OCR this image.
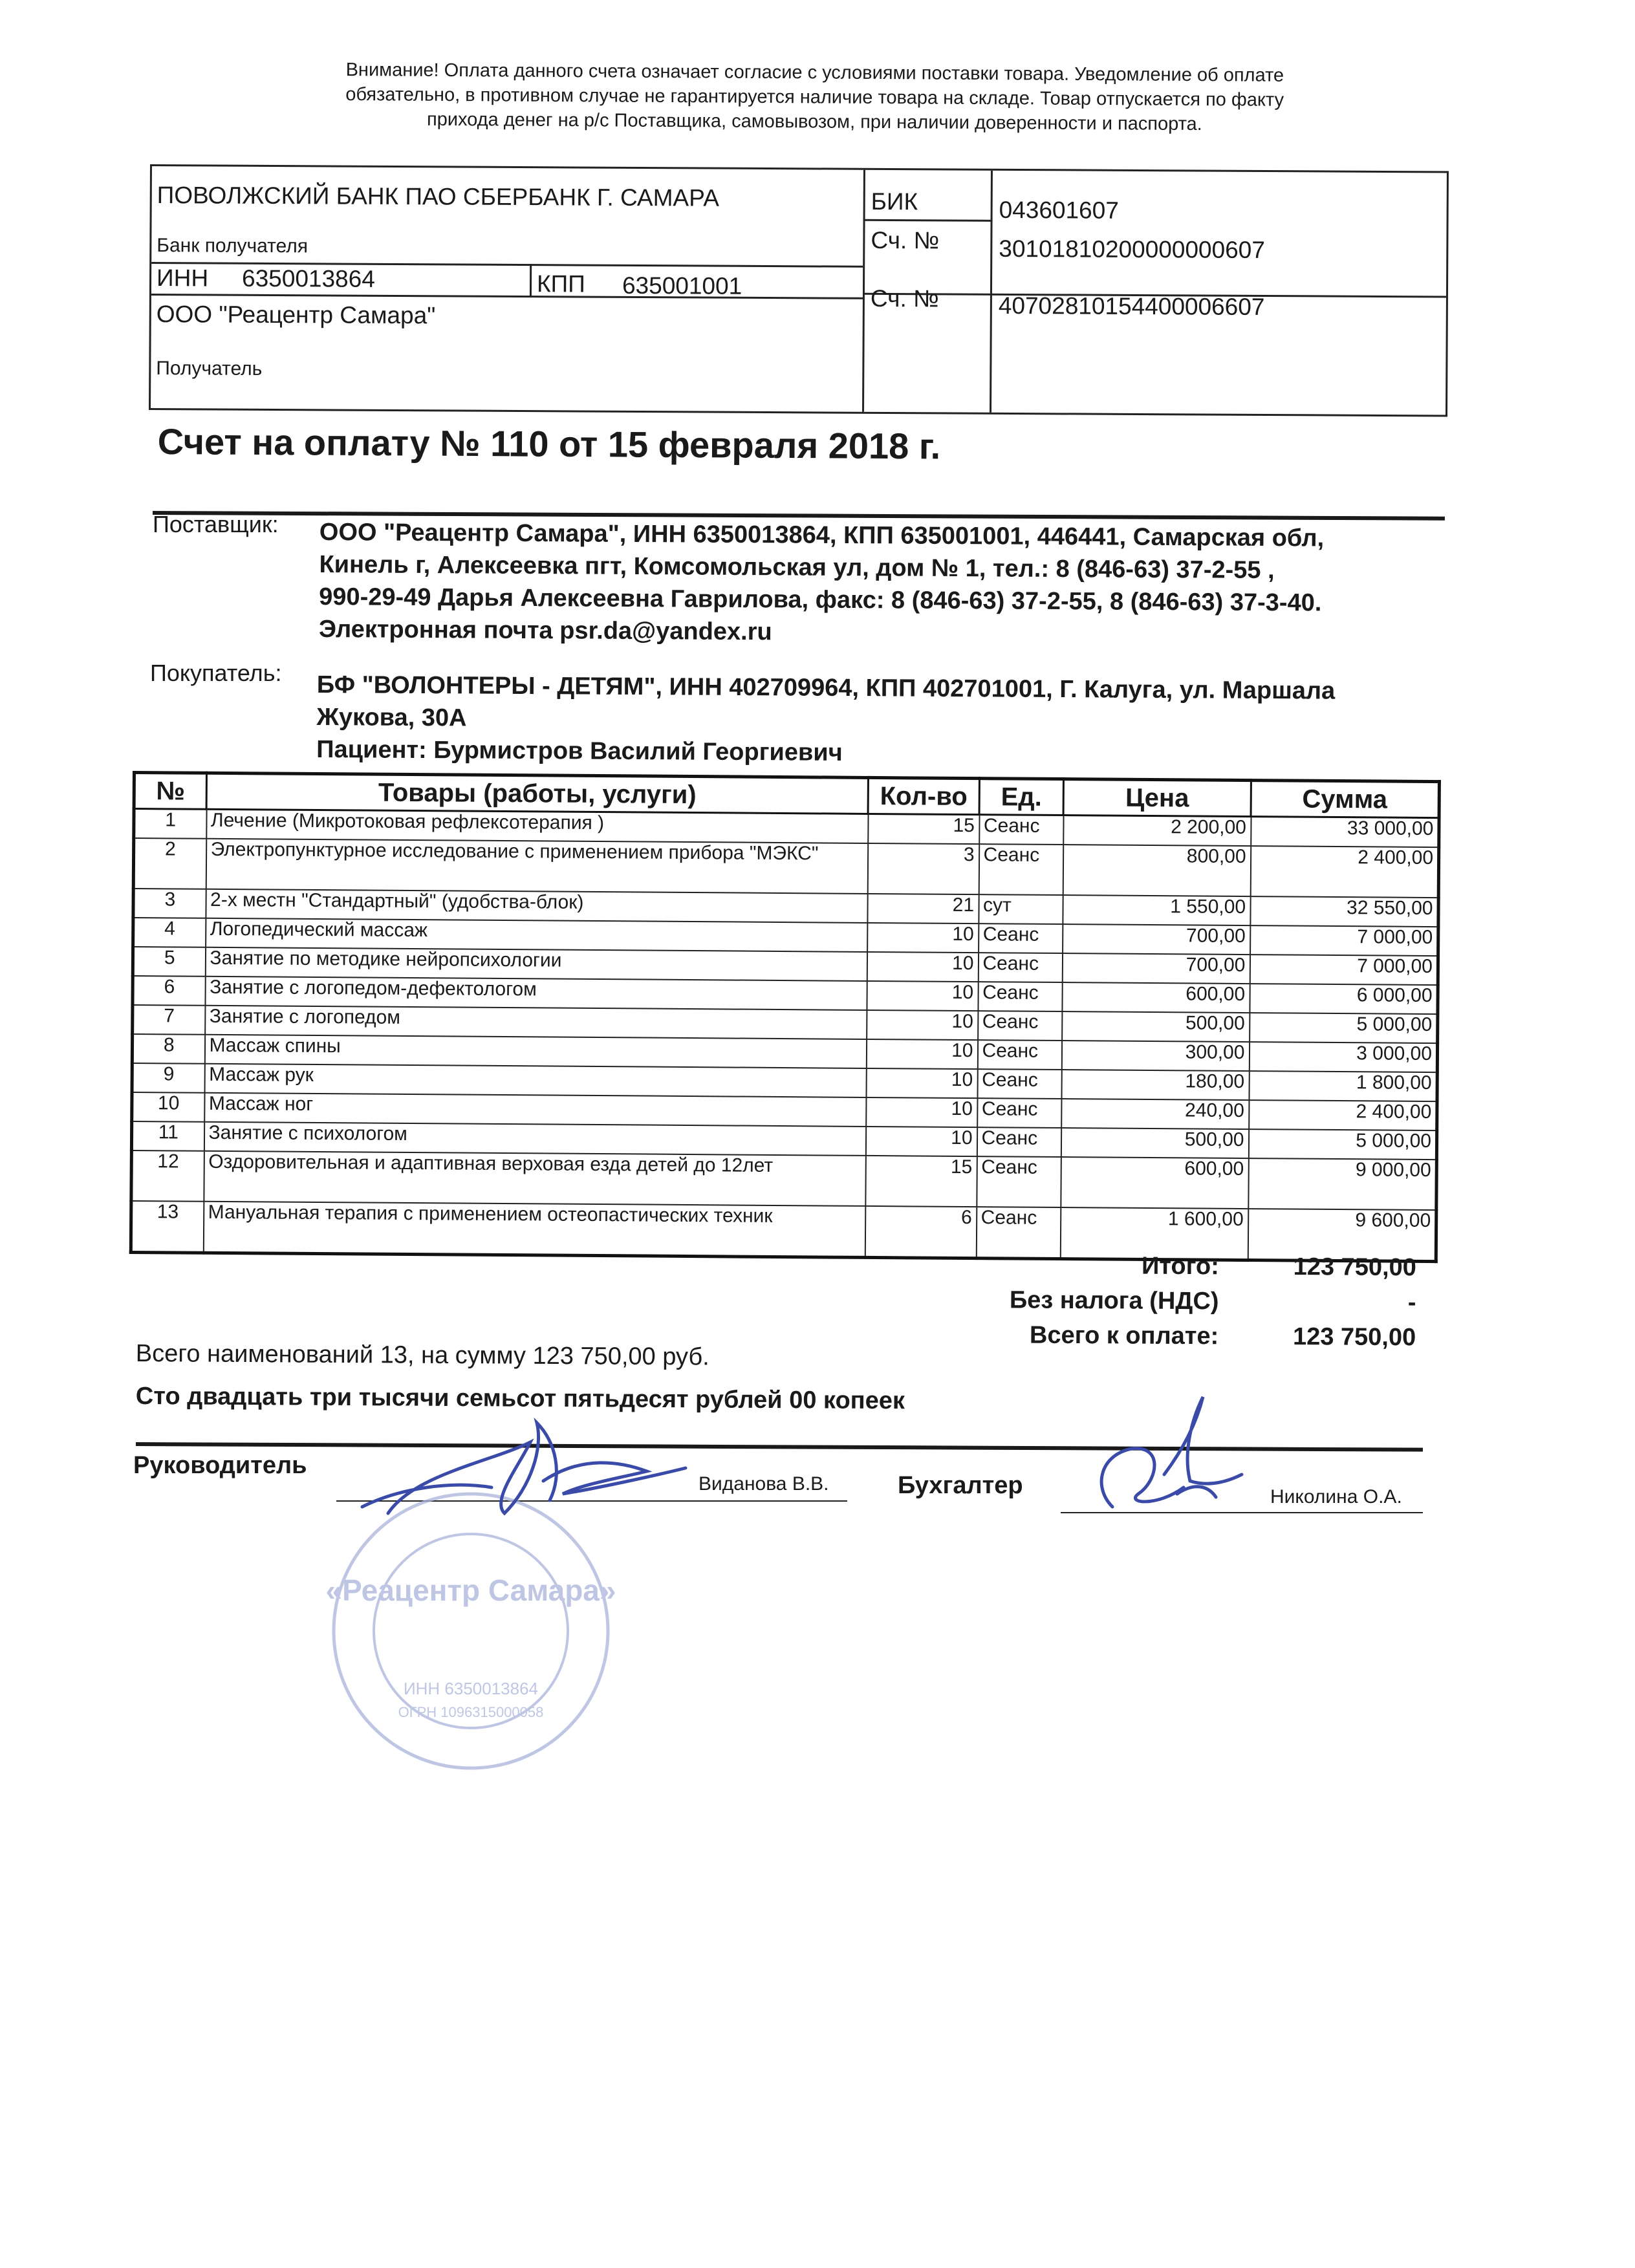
Внимание! Оплата данного счета означает согласие с условиями поставки товара. Уведомление об оплате
обязательно, в противном случае не гарантируется наличие товара на складе. Товар отпускается по факту
прихода денег на р/с Поставщика, самовывозом, при наличии доверенности и паспорта.
ПОВОЛЖСКИЙ БАНК ПАО СБЕРБАНК Г. САМАРА
Банк получателя
БИК	043601607
Сч. № 30101810200000000607
ИНН 6350013864	КПП 635001001	Сч. № 40702810154400006607
ООО "Реацентр Самара"
Получатель
Счет на оплату № 110 от 15 февраля 2018 г.
Поставщик: ООО "Реацентр Самара", ИНН 6350013864, КПП 635001001, 446441, Самарская обл,
Кинель г, Алексеевка пгт, Комсомольская ул, дом № 1, тел.: 8 (846-63) 37-2-55 ,
990-29-49 Дарья Алексеевна Гаврилова, факс: 8 (846-63) 37-2-55, 8 (846-63) 37-3-40.
Электронная почта psr.da@yandex.ru
Покупатель: БФ "ВОЛОНТЕРЫ - ДЕТЯМ", ИНН 402709964, КПП 402701001, Г. Калуга, ул. Маршала
Жукова, 30А
Пациент: Бурмистров Василий Георгиевич
№	Товары (работы, услуги)	Кол-во	Ед.	Цена	Сумма
1	Лечение (Микротоковая рефлексотерапия )	15	Сеанс	2 200,00	33 000,00
2	Электропунктурное исследование с применением прибора "МЭКС"	3	Сеанс	800,00	2 400,00
3	2-х местн "Стандартный" (удобства-блок)	21	сут	1 550,00	32 550,00
4	Логопедический массаж	10	Сеанс	700,00	7 000,00
5	Занятие по методике нейропсихологии	10	Сеанс	700,00	7 000,00
6	Занятие с логопедом-дефектологом	10	Сеанс	600,00	6 000,00
7	Занятие с логопедом	10	Сеанс	500,00	5 000,00
8	Массаж спины	10	Сеанс	300,00	3 000,00
9	Массаж рук	10	Сеанс	180,00	1 800,00
10	Массаж ног	10	Сеанс	240,00	2 400,00
11	Занятие с психологом	10	Сеанс	500,00	5 000,00
12	Оздоровительная и адаптивная верховая езда детей до 12лет	15	Сеанс	600,00	9 000,00
13	Мануальная терапия с применением остеопастических техник	6	Сеанс	1 600,00	9 600,00
Итого:	123 750,00
Без налога (НДС)	-
Всего к оплате:	123 750,00
Всего наименований 13, на сумму 123 750,00 руб.
Сто двадцать три тысячи семьсот пятьдесят рублей 00 копеек
Руководитель
Виданова В.В.	Бухгалтер	Николина О.А.
«Реацентр Самара»
ИНН 6350013864
ОГРН 1096315000058
